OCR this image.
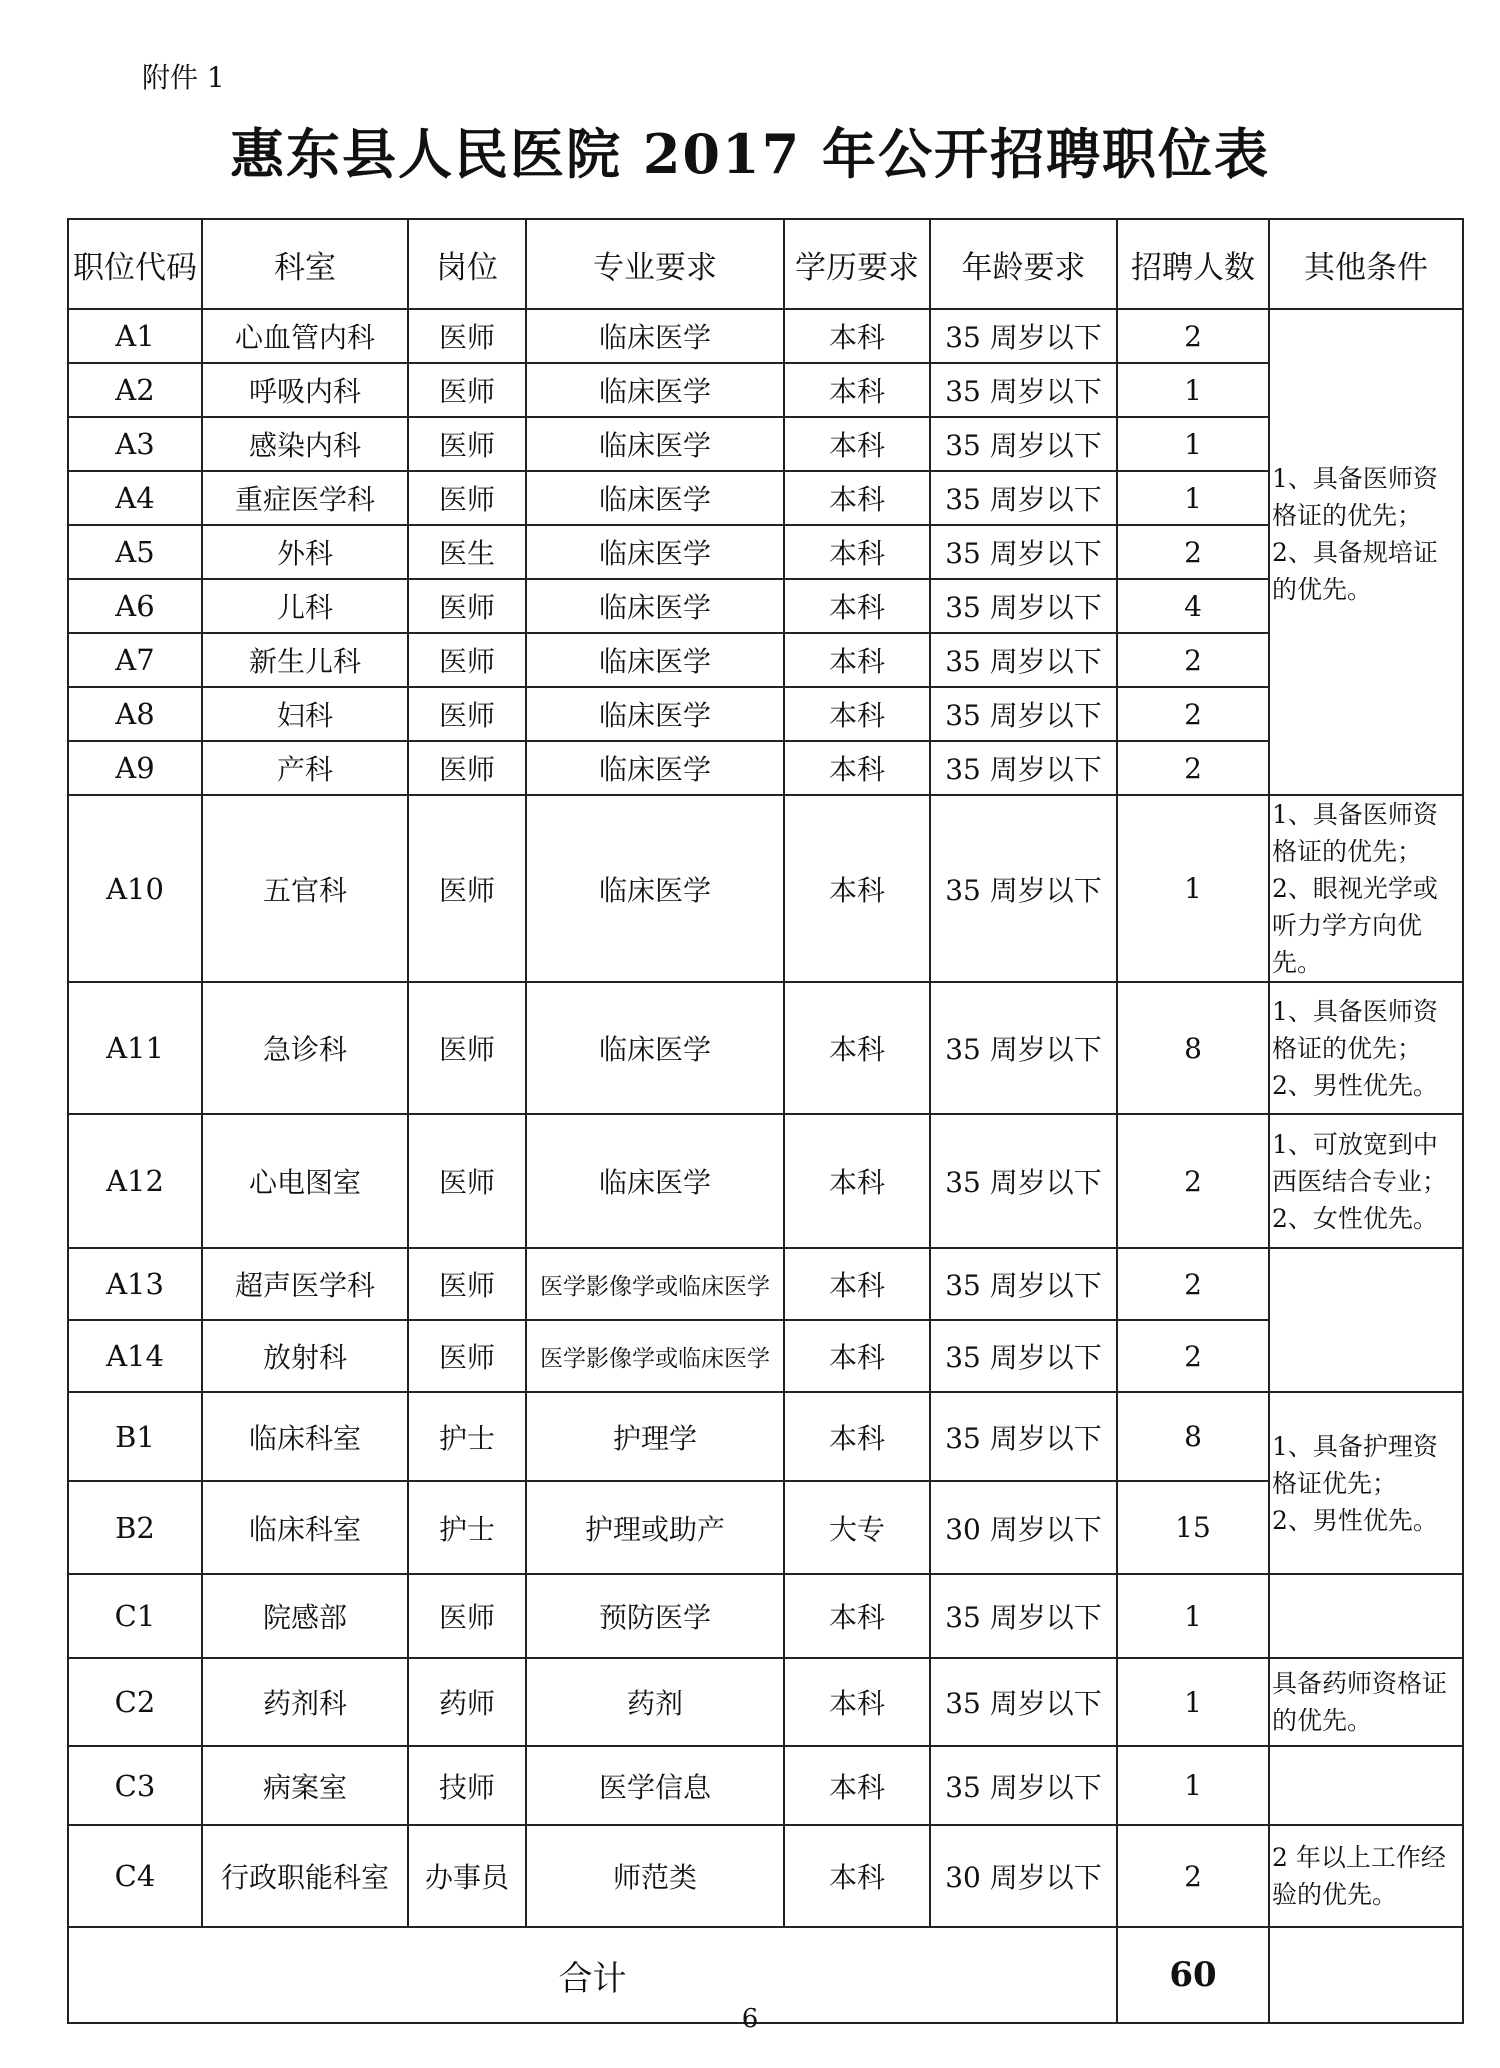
附件 1
惠东县人民医院 2017 年公开招聘职位表
职位代码	科室	岗位	专业要求	学历要求	年龄要求	招聘人数	其他条件
A1	心血管内科	医师	临床医学	本科	35 周岁以下	2	1、具备医师资格证的优先；
2、具备规培证的优先。
A2	呼吸内科	医师	临床医学	本科	35 周岁以下	1	
A3	感染内科	医师	临床医学	本科	35 周岁以下	1	
A4	重症医学科	医师	临床医学	本科	35 周岁以下	1	
A5	外科	医生	临床医学	本科	35 周岁以下	2	
A6	儿科	医师	临床医学	本科	35 周岁以下	4	
A7	新生儿科	医师	临床医学	本科	35 周岁以下	2	
A8	妇科	医师	临床医学	本科	35 周岁以下	2	
A9	产科	医师	临床医学	本科	35 周岁以下	2	
A10	五官科	医师	临床医学	本科	35 周岁以下	1	1、具备医师资格证的优先；
2、眼视光学或听力学方向优先。
A11	急诊科	医师	临床医学	本科	35 周岁以下	8	1、具备医师资格证的优先；
2、男性优先。
A12	心电图室	医师	临床医学	本科	35 周岁以下	2	1、可放宽到中西医结合专业；
2、女性优先。
A13	超声医学科	医师	医学影像学或临床医学	本科	35 周岁以下	2	
A14	放射科	医师	医学影像学或临床医学	本科	35 周岁以下	2	
B1	临床科室	护士	护理学	本科	35 周岁以下	8	1、具备护理资格证优先；
2、男性优先。
B2	临床科室	护士	护理或助产	大专	30 周岁以下	15	
C1	院感部	医师	预防医学	本科	35 周岁以下	1	
C2	药剂科	药师	药剂	本科	35 周岁以下	1	具备药师资格证的优先。
C3	病案室	技师	医学信息	本科	35 周岁以下	1	
C4	行政职能科室	办事员	师范类	本科	30 周岁以下	2	2 年以上工作经验的优先。
合计						60	
6
